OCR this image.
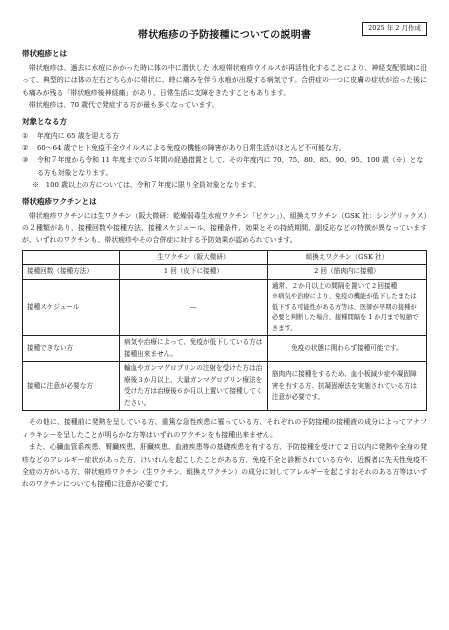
帯状疱疹の予防接種についての説明書
2025 年 2 月作成
帯状疱疹とは

帯状疱疹は、過去に水痘にかかった時に体の中に潜伏した 水痘帯状疱疹ウイルスが再活性化することにより、神経支配領域に沿って、典型的には体の左右どちらかに帯状に、時に痛みを伴う水疱が出現する病気です。合併症の一つに皮膚の症状が治った後にも痛みが残る「帯状疱疹後神経痛」があり、日常生活に支障をきたすこともあります。

帯状疱疹は、70 歳代で発症する方が最も多くなっています。

対象となる方
①	年度内に 65 歳を迎える方
②	60～64 歳でヒト免疫不全ウイルスによる免疫の機能の障害があり日常生活がほとんど不可能な方。
③	令和７年度から令和 11 年度までの５年間の経過措置として、その年度内に 70、75、80、85、90、95、100 歳（※）となる方も対象となります。
※　100 歳以上の方については、令和７年度に限り全員対象となります。
帯状疱疹ワクチンとは

帯状疱疹ワクチンには生ワクチン（阪大微研：乾燥弱毒生水痘ワクチン「ビケン」）、組換えワクチン（GSK 社：シングリックス）の２種類があり、接種回数や接種方法、接種スケジュール、接種条件、効果とその持続期間、副反応などの特徴が異なっていますが、いずれのワクチンも、帯状疱疹やその合併症に対する予防効果が認められています。

	生ワクチン（阪大微研）	組換えワクチン（GSK 社）
接種回数（接種方法）	1 回（皮下に接種）	2 回（筋肉内に接種）
接種スケジュール	―	通常、２か月以上の間隔を置いて２回接種
※病気や治療により、免疫の機能が低下したまたは低下する可能性がある方等は、医師が早期の接種が必要と判断した場合、接種間隔を 1 か月まで短縮できます。

接種できない方	病気や治療によって、免疫が低下している方は接種出来ません。	免疫の状態に関わらず接種可能です。
接種に注意が必要な方	輸血やガンマグロブリンの注射を受けた方は治療後３か月以上、大量ガンマグロブリン療法を受けた方は治療後６か月以上置いて接種してください。	筋肉内に接種をするため、血小板減少症や凝固障害を有する方、抗凝固療法を実施されている方は注意が必要です。

その他に、接種前に発熱を呈している方、重篤な急性疾患に罹っている方、それぞれの予防接種の接種液の成分によってアナフィラキシーを呈したことが明らかな方等はいずれのワクチンをも接種出来ません。

また、心臓血管系疾患、腎臓疾患、肝臓疾患、血液疾患等の基礎疾患を有する方、予防接種を受けて 2 日以内に発熱や全身の発疹などのアレルギー症状があった方、けいれんを起こしたことがある方、免疫不全と診断されている方や、近親者に先天性免疫不全症の方がいる方、帯状疱疹ワクチン（生ワクチン、組換えワクチン）の成分に対してアレルギーを起こすおそれのある方等はいずれのワクチンについても接種に注意が必要です。
